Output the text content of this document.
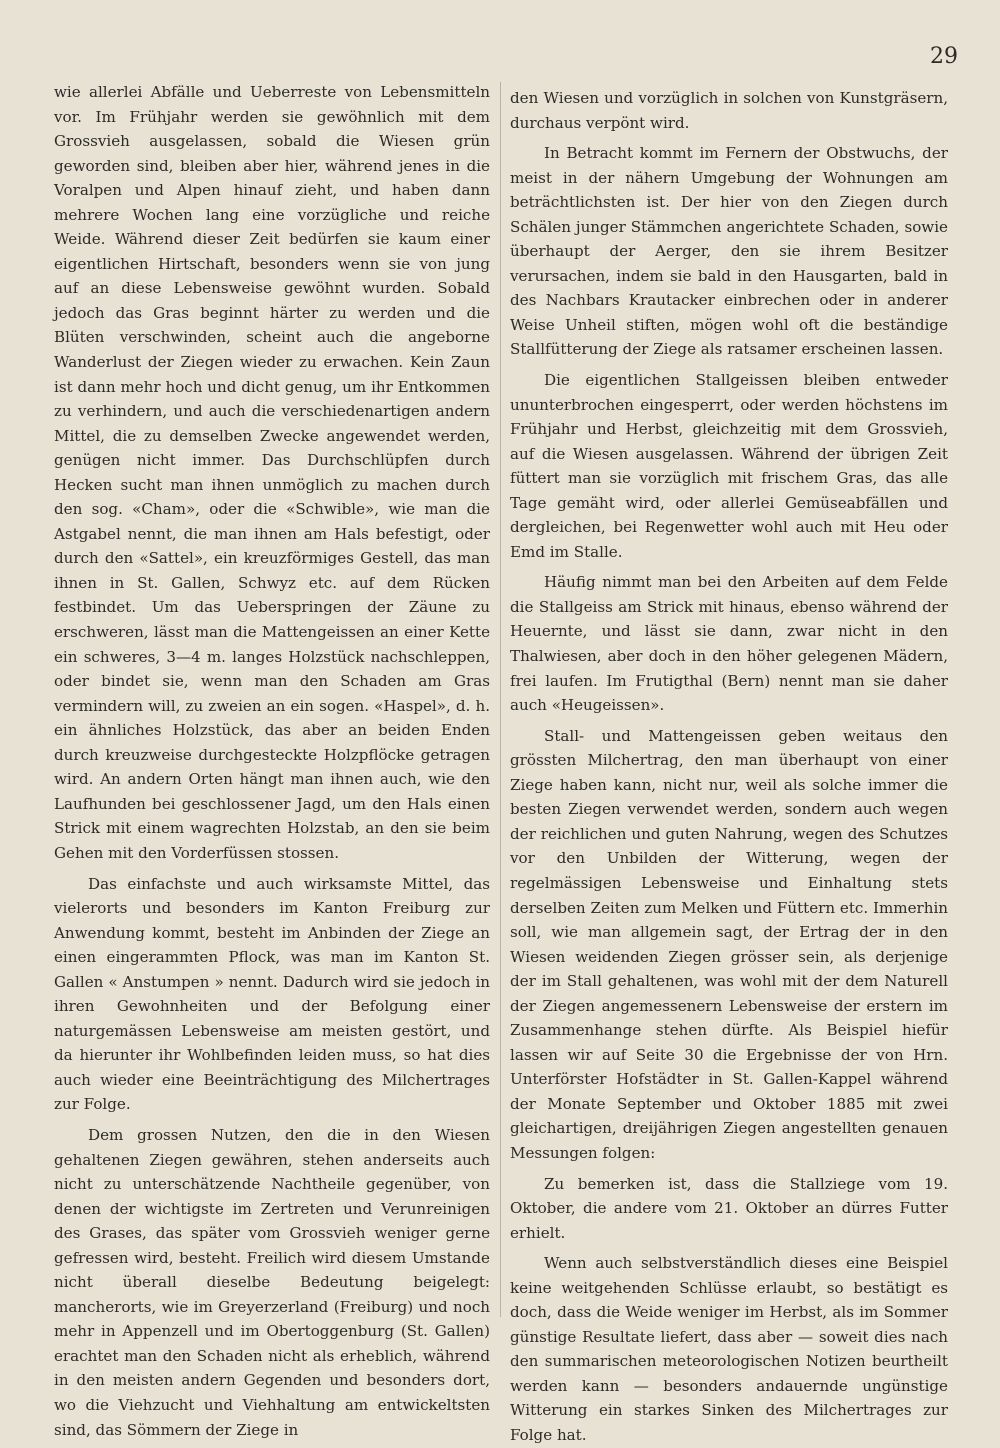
29

wie allerlei Abfälle und Ueberreste von Lebensmitteln vor. Im Frühjahr werden sie gewöhnlich mit dem Grossvieh ausgelassen, sobald die Wiesen grün geworden sind, bleiben aber hier, während jenes in die Voralpen und Alpen hinauf zieht, und haben dann mehrere Wochen lang eine vorzügliche und reiche Weide. Während dieser Zeit bedürfen sie kaum einer eigentlichen Hirtschaft, besonders wenn sie von jung auf an diese Lebensweise gewöhnt wurden. Sobald jedoch das Gras beginnt härter zu werden und die Blüten verschwinden, scheint auch die angeborne Wanderlust der Ziegen wieder zu erwachen. Kein Zaun ist dann mehr hoch und dicht genug, um ihr Entkommen zu verhindern, und auch die verschiedenartigen andern Mittel, die zu demselben Zwecke angewendet werden, genügen nicht immer. Das Durchschlüpfen durch Hecken sucht man ihnen unmöglich zu machen durch den sog. «Cham», oder die «Schwible», wie man die Astgabel nennt, die man ihnen am Hals befestigt, oder durch den «Sattel», ein kreuzförmiges Gestell, das man ihnen in St. Gallen, Schwyz etc. auf dem Rücken festbindet. Um das Ueberspringen der Zäune zu erschweren, lässt man die Mattengeissen an einer Kette ein schweres, 3—4 m. langes Holzstück nachschleppen, oder bindet sie, wenn man den Schaden am Gras vermindern will, zu zweien an ein sogen. «Haspel», d. h. ein ähnliches Holzstück, das aber an beiden Enden durch kreuzweise durchgesteckte Holzpflöcke getragen wird. An andern Orten hängt man ihnen auch, wie den Laufhunden bei geschlossener Jagd, um den Hals einen Strick mit einem wagrechten Holzstab, an den sie beim Gehen mit den Vorderfüssen stossen.

Das einfachste und auch wirksamste Mittel, das vielerorts und besonders im Kanton Freiburg zur Anwendung kommt, besteht im Anbinden der Ziege an einen eingerammten Pflock, was man im Kanton St. Gallen « Anstumpen » nennt. Dadurch wird sie jedoch in ihren Gewohnheiten und der Befolgung einer naturgemässen Lebensweise am meisten gestört, und da hierunter ihr Wohlbefinden leiden muss, so hat dies auch wieder eine Beeinträchtigung des Milchertrages zur Folge.

Dem grossen Nutzen, den die in den Wiesen gehaltenen Ziegen gewähren, stehen anderseits auch nicht zu unterschätzende Nachtheile gegenüber, von denen der wichtigste im Zertreten und Verunreinigen des Grases, das später vom Grossvieh weniger gerne gefressen wird, besteht. Freilich wird diesem Umstande nicht überall dieselbe Bedeutung beigelegt: mancherorts, wie im Greyerzerland (Freiburg) und noch mehr in Appenzell und im Obertoggenburg (St. Gallen) erachtet man den Schaden nicht als erheblich, während in den meisten andern Gegenden und besonders dort, wo die Viehzucht und Viehhaltung am entwickeltsten sind, das Sömmern der Ziege in

den Wiesen und vorzüglich in solchen von Kunstgräsern, durchaus verpönt wird.

In Betracht kommt im Fernern der Obstwuchs, der meist in der nähern Umgebung der Wohnungen am beträchtlichsten ist. Der hier von den Ziegen durch Schälen junger Stämmchen angerichtete Schaden, sowie überhaupt der Aerger, den sie ihrem Besitzer verursachen, indem sie bald in den Hausgarten, bald in des Nachbars Krautacker einbrechen oder in anderer Weise Unheil stiften, mögen wohl oft die beständige Stallfütterung der Ziege als ratsamer erscheinen lassen.

Die eigentlichen Stallgeissen bleiben entweder ununterbrochen eingesperrt, oder werden höchstens im Frühjahr und Herbst, gleichzeitig mit dem Grossvieh, auf die Wiesen ausgelassen. Während der übrigen Zeit füttert man sie vorzüglich mit frischem Gras, das alle Tage gemäht wird, oder allerlei Gemüseabfällen und dergleichen, bei Regenwetter wohl auch mit Heu oder Emd im Stalle.

Häufig nimmt man bei den Arbeiten auf dem Felde die Stallgeiss am Strick mit hinaus, ebenso während der Heuernte, und lässt sie dann, zwar nicht in den Thalwiesen, aber doch in den höher gelegenen Mädern, frei laufen. Im Frutigthal (Bern) nennt man sie daher auch «Heugeissen».

Stall- und Mattengeissen geben weitaus den grössten Milchertrag, den man überhaupt von einer Ziege haben kann, nicht nur, weil als solche immer die besten Ziegen verwendet werden, sondern auch wegen der reichlichen und guten Nahrung, wegen des Schutzes vor den Unbilden der Witterung, wegen der regelmässigen Lebensweise und Einhaltung stets derselben Zeiten zum Melken und Füttern etc. Immerhin soll, wie man allgemein sagt, der Ertrag der in den Wiesen weidenden Ziegen grösser sein, als derjenige der im Stall gehaltenen, was wohl mit der dem Naturell der Ziegen angemessenern Lebensweise der erstern im Zusammenhange stehen dürfte. Als Beispiel hiefür lassen wir auf Seite 30 die Ergebnisse der von Hrn. Unterförster Hofstädter in St. Gallen-Kappel während der Monate September und Oktober 1885 mit zwei gleichartigen, dreijährigen Ziegen angestellten genauen Messungen folgen:

Zu bemerken ist, dass die Stallziege vom 19. Oktober, die andere vom 21. Oktober an dürres Futter erhielt.

Wenn auch selbstverständlich dieses eine Beispiel keine weitgehenden Schlüsse erlaubt, so bestätigt es doch, dass die Weide weniger im Herbst, als im Sommer günstige Resultate liefert, dass aber — soweit dies nach den summarischen meteorologischen Notizen beurtheilt werden kann — besonders andauernde ungünstige Witterung ein starkes Sinken des Milchertrages zur Folge hat.
